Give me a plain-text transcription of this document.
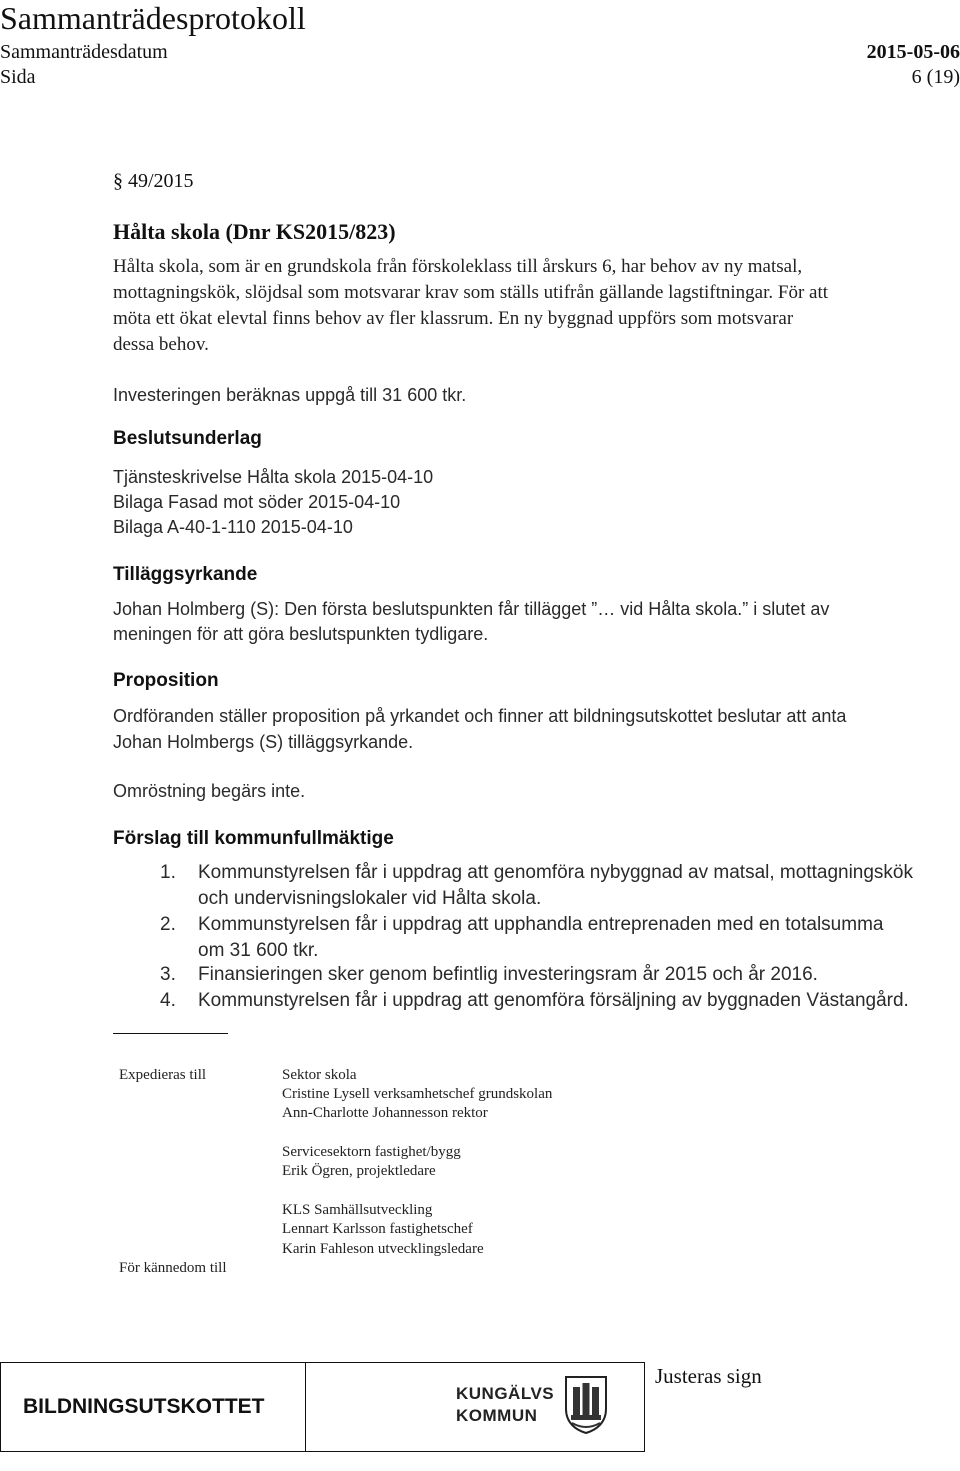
Sammanträdesprotokoll
Sammanträdesdatum	2015-05-06
Sida	6 (19)
§ 49/2015
Hålta skola (Dnr KS2015/823)
Hålta skola, som är en grundskola från förskoleklass till årskurs 6, har behov av ny matsal,
mottagningskök, slöjdsal som motsvarar krav som ställs utifrån gällande lagstiftningar. För att
möta ett ökat elevtal finns behov av fler klassrum. En ny byggnad uppförs som motsvarar
dessa behov.
Investeringen beräknas uppgå till 31 600 tkr.
Beslutsunderlag
Tjänsteskrivelse Hålta skola 2015-04-10
Bilaga Fasad mot söder 2015-04-10
Bilaga A-40-1-110 2015-04-10
Tilläggsyrkande
Johan Holmberg (S): Den första beslutspunkten får tillägget ”… vid Hålta skola.” i slutet av
meningen för att göra beslutspunkten tydligare.
Proposition
Ordföranden ställer proposition på yrkandet och finner att bildningsutskottet beslutar att anta
Johan Holmbergs (S) tilläggsyrkande.
Omröstning begärs inte.
Förslag till kommunfullmäktige
1. Kommunstyrelsen får i uppdrag att genomföra nybyggnad av matsal, mottagningskök
och undervisningslokaler vid Hålta skola.
2. Kommunstyrelsen får i uppdrag att upphandla entreprenaden med en totalsumma
om 31 600 tkr.
3. Finansieringen sker genom befintlig investeringsram år 2015 och år 2016.
4. Kommunstyrelsen får i uppdrag att genomföra försäljning av byggnaden Västangård.
Expedieras till	Sektor skola
Cristine Lysell verksamhetschef grundskolan
Ann-Charlotte Johannesson rektor
Servicesektorn fastighet/bygg
Erik Ögren, projektledare
KLS Samhällsutveckling
Lennart Karlsson fastighetschef
Karin Fahleson utvecklingsledare
För kännedom till
BILDNINGSUTSKOTTET
KUNGÄLVS
KOMMUN
Justeras sign
